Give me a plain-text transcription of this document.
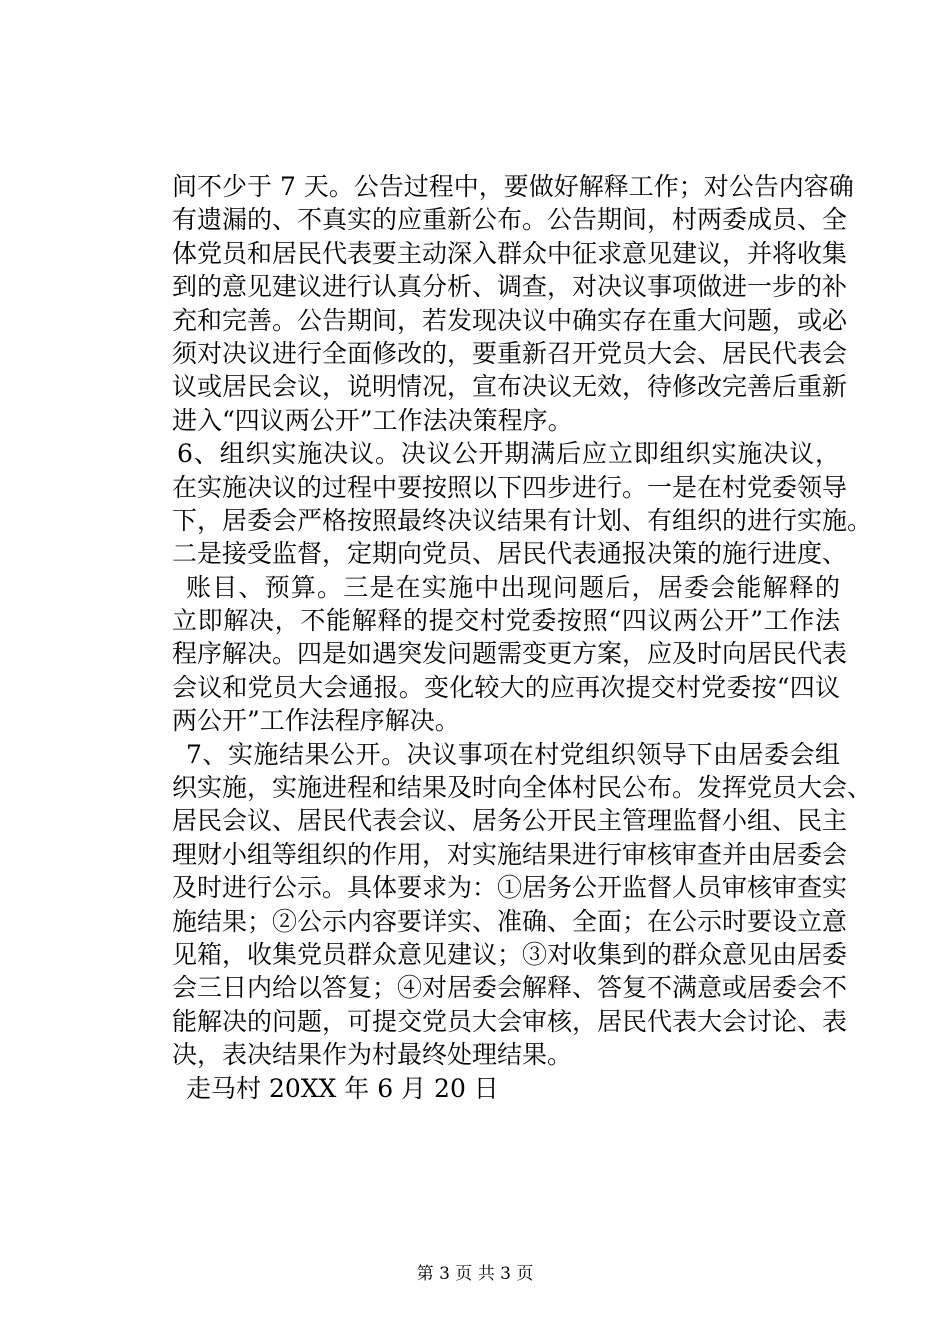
间不少于 7 天。公告过程中，要做好解释工作；对公告内容确
有遗漏的、不真实的应重新公布。公告期间，村两委成员、全
体党员和居民代表要主动深入群众中征求意见建议，并将收集
到的意见建议进行认真分析、调查，对决议事项做进一步的补
充和完善。公告期间，若发现决议中确实存在重大问题，或必
须对决议进行全面修改的，要重新召开党员大会、居民代表会
议或居民会议，说明情况，宣布决议无效，待修改完善后重新
进入“四议两公开”工作法决策程序。
6、组织实施决议。决议公开期满后应立即组织实施决议，
在实施决议的过程中要按照以下四步进行。一是在村党委领导
下，居委会严格按照最终决议结果有计划、有组织的进行实施。
二是接受监督，定期向党员、居民代表通报决策的施行进度、
账目、预算。三是在实施中出现问题后，居委会能解释的
立即解决，不能解释的提交村党委按照“四议两公开”工作法
程序解决。四是如遇突发问题需变更方案，应及时向居民代表
会议和党员大会通报。变化较大的应再次提交村党委按“四议
两公开”工作法程序解决。
7、实施结果公开。决议事项在村党组织领导下由居委会组
织实施，实施进程和结果及时向全体村民公布。发挥党员大会、
居民会议、居民代表会议、居务公开民主管理监督小组、民主
理财小组等组织的作用，对实施结果进行审核审查并由居委会
及时进行公示。具体要求为：①居务公开监督人员审核审查实
施结果；②公示内容要详实、准确、全面；在公示时要设立意
见箱，收集党员群众意见建议；③对收集到的群众意见由居委
会三日内给以答复；④对居委会解释、答复不满意或居委会不
能解决的问题，可提交党员大会审核，居民代表大会讨论、表
决，表决结果作为村最终处理结果。
走马村 20XX 年 6 月 20 日
第 3 页 共 3 页
